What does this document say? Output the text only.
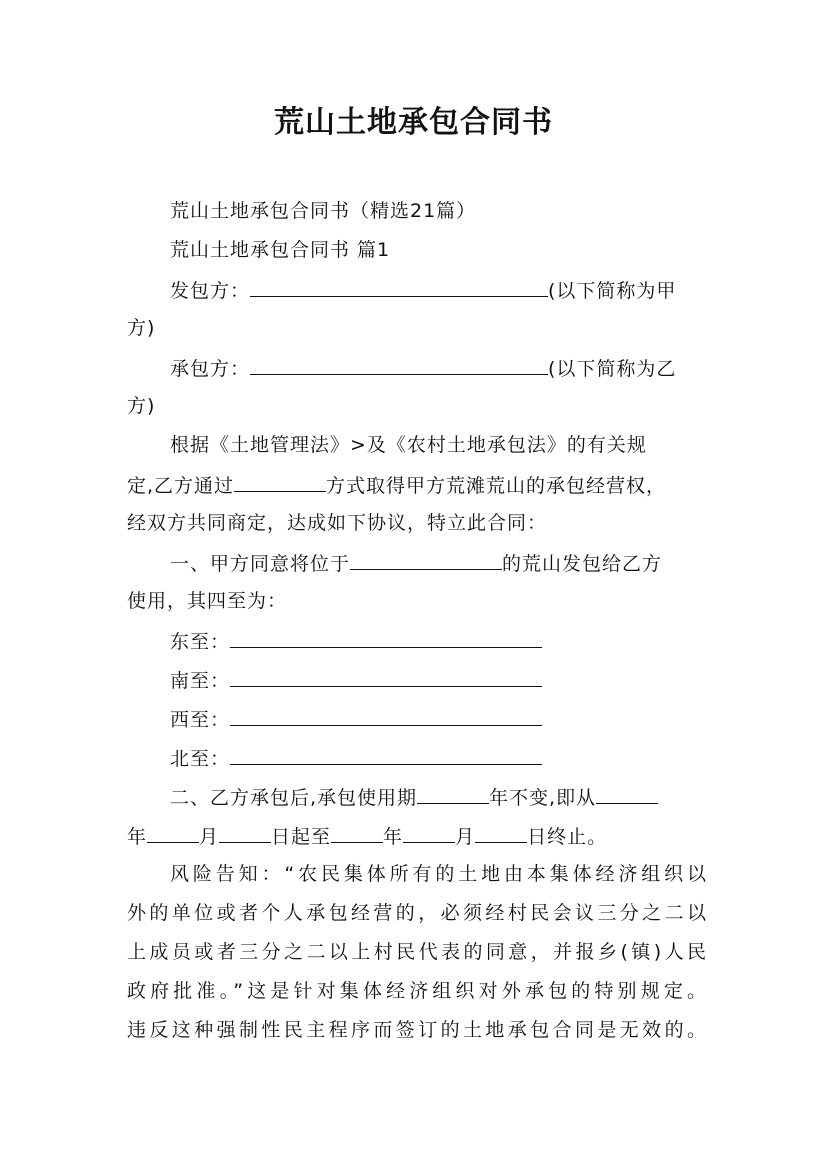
荒山土地承包合同书
荒山土地承包合同书（精选21篇）
荒山土地承包合同书 篇1
发包方：	(以下简称为甲
方)
承包方：	(以下简称为乙
方)
根据《土地管理法》>及《农村土地承包法》的有关规
定,乙方通过	方式取得甲方荒滩荒山的承包经营权，
经双方共同商定，达成如下协议，特立此合同：
一、甲方同意将位于	的荒山发包给乙方
使用，其四至为：
东至：
南至：
西至：
北至：
二、乙方承包后,承包使用期	年不变,即从
年	月	日起至	年	月	日终止。
风险告知：“农民集体所有的土地由本集体经济组织以
外的单位或者个人承包经营的，必须经村民会议三分之二以
上成员或者三分之二以上村民代表的同意，并报乡(镇)人民
政府批准。”这是针对集体经济组织对外承包的特别规定。
违反这种强制性民主程序而签订的土地承包合同是无效的。
